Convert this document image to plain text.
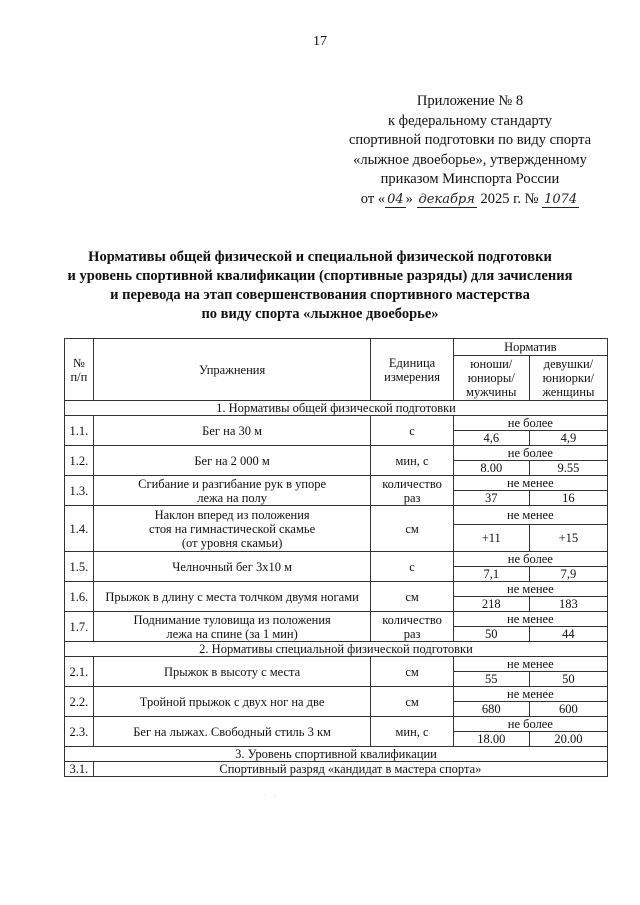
17
Приложение № 8
к федеральному стандарту
спортивной подготовки по виду спорта
«лыжное двоеборье», утвержденному
приказом Минспорта России
от « 04 » декабря 2025 г. № 1074
Нормативы общей физической и специальной физической подготовки
и уровень спортивной квалификации (спортивные разряды) для зачисления
и перевода на этап совершенствования спортивного мастерства
по виду спорта «лыжное двоеборье»
№ п/п	Упражнения	Единица измерения	Норматив	
			юноши/ юниоры/ мужчины	девушки/ юниорки/ женщины
1. Нормативы общей физической подготовки				
1.1.	Бег на 30 м	с	не более	
			4,6	4,9
1.2.	Бег на 2 000 м	мин, с	не более	
			8.00	9.55
1.3.	Сгибание и разгибание рук в упоре лежа на полу	количество раз	не менее	
			37	16
1.4.	Наклон вперед из положения стоя на гимнастической скамье (от уровня скамьи)	см	не менее	
			+11	+15
1.5.	Челночный бег 3х10 м	с	не более	
			7,1	7,9
1.6.	Прыжок в длину с места толчком двумя ногами	см	не менее	
			218	183
1.7.	Поднимание туловища из положения лежа на спине (за 1 мин)	количество раз	не менее	
			50	44
2. Нормативы специальной физической подготовки				
2.1.	Прыжок в высоту с места	см	не менее	
			55	50
2.2.	Тройной прыжок с двух ног на две	см	не менее	
			680	600
2.3.	Бег на лыжах. Свободный стиль 3 км	мин, с	не более	
			18.00	20.00
3. Уровень спортивной квалификации				
3.1.	Спортивный разряд «кандидат в мастера спорта»			
· · ·
